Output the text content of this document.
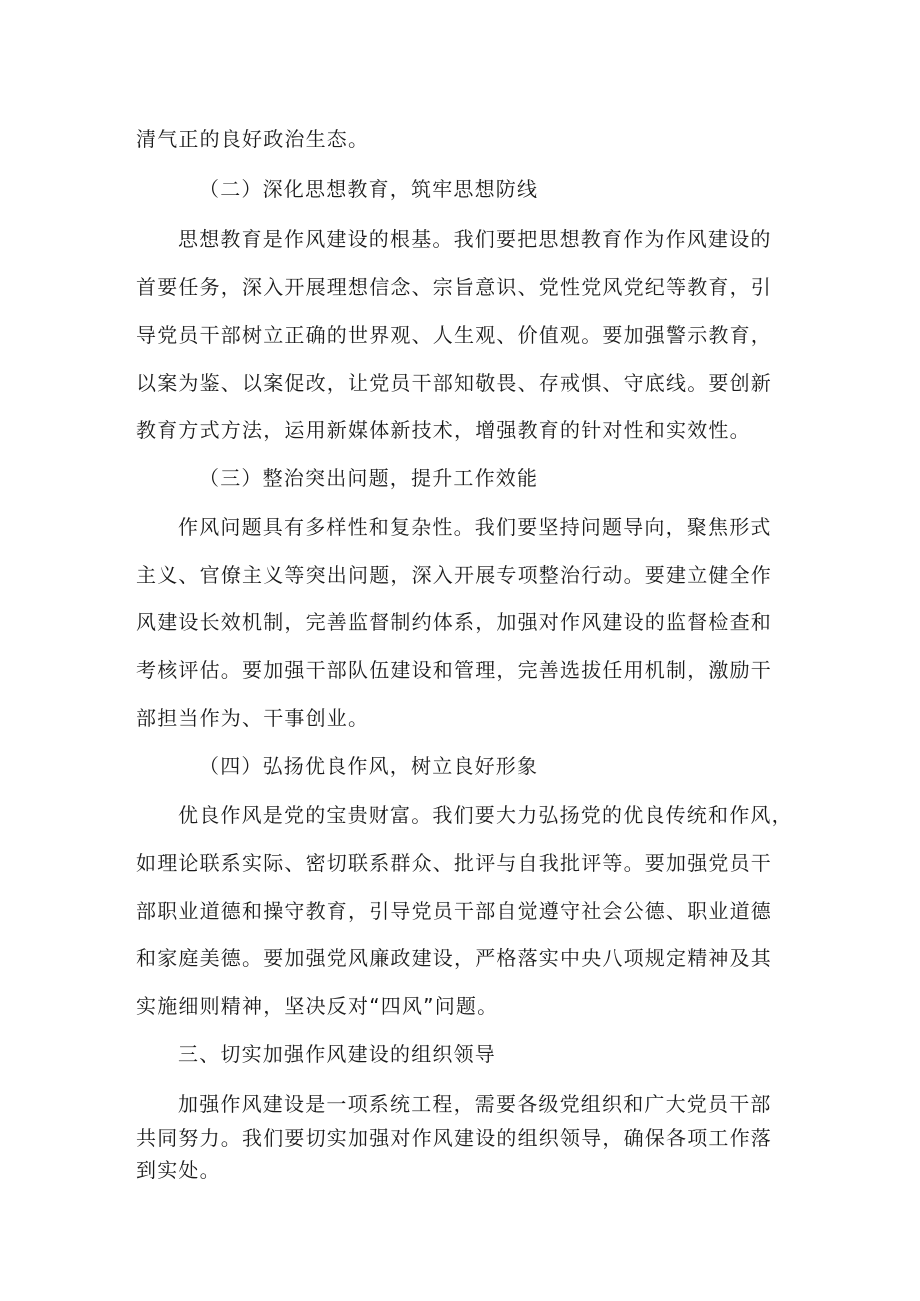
清气正的良好政治生态。
（二）深化思想教育，筑牢思想防线
思想教育是作风建设的根基。我们要把思想教育作为作风建设的
首要任务，深入开展理想信念、宗旨意识、党性党风党纪等教育，引
导党员干部树立正确的世界观、人生观、价值观。要加强警示教育，
以案为鉴、以案促改，让党员干部知敬畏、存戒惧、守底线。要创新
教育方式方法，运用新媒体新技术，增强教育的针对性和实效性。
（三）整治突出问题，提升工作效能
作风问题具有多样性和复杂性。我们要坚持问题导向，聚焦形式
主义、官僚主义等突出问题，深入开展专项整治行动。要建立健全作
风建设长效机制，完善监督制约体系，加强对作风建设的监督检查和
考核评估。要加强干部队伍建设和管理，完善选拔任用机制，激励干
部担当作为、干事创业。
（四）弘扬优良作风，树立良好形象
优良作风是党的宝贵财富。我们要大力弘扬党的优良传统和作风，
如理论联系实际、密切联系群众、批评与自我批评等。要加强党员干
部职业道德和操守教育，引导党员干部自觉遵守社会公德、职业道德
和家庭美德。要加强党风廉政建设，严格落实中央八项规定精神及其
实施细则精神，坚决反对“四风”问题。
三、切实加强作风建设的组织领导
加强作风建设是一项系统工程，需要各级党组织和广大党员干部
共同努力。我们要切实加强对作风建设的组织领导，确保各项工作落
到实处。
